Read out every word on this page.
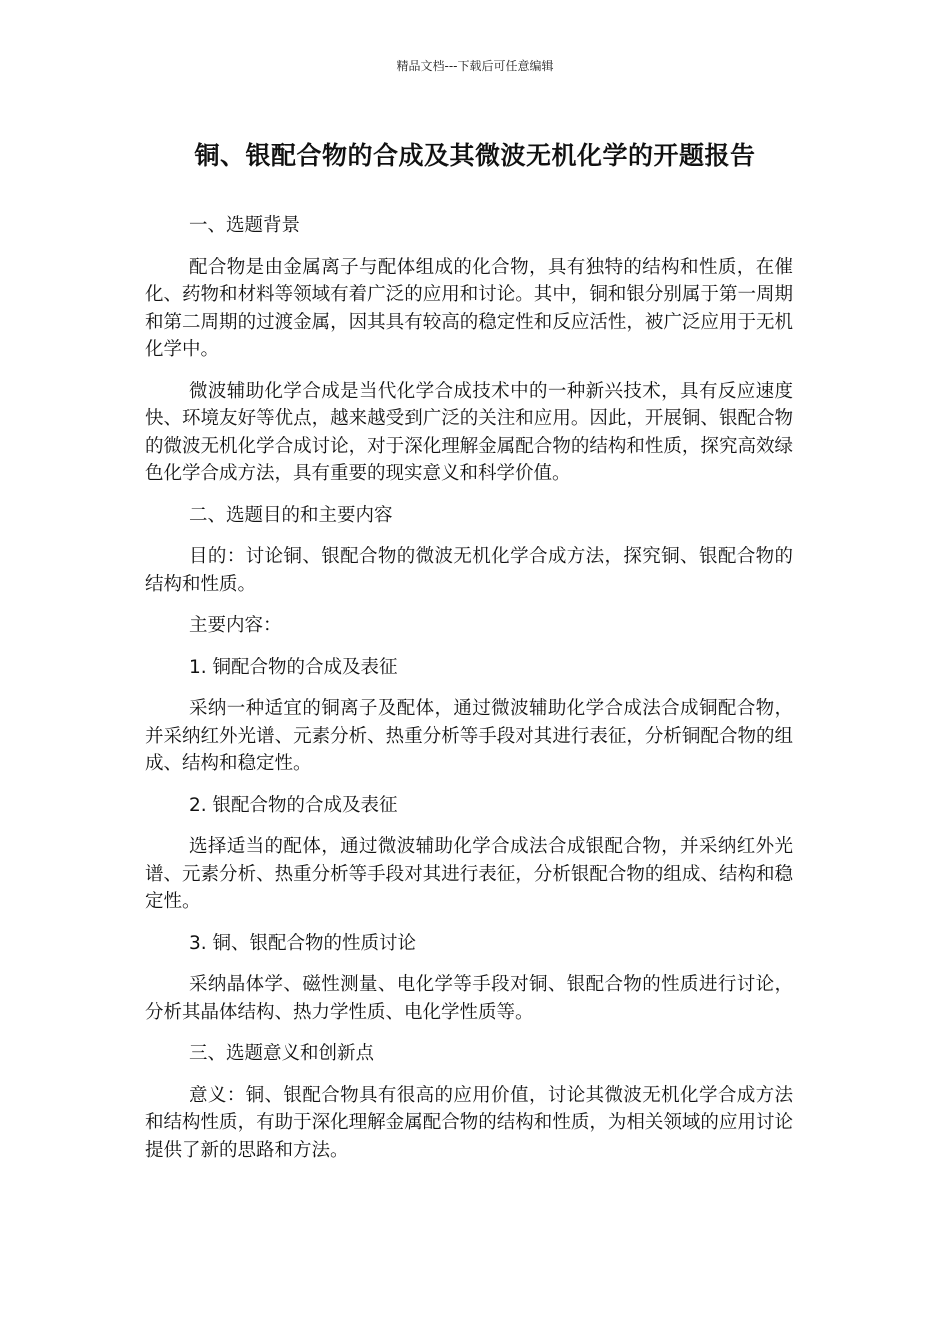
精品文档---下载后可任意编辑
铜、银配合物的合成及其微波无机化学的开题报告

一、选题背景

配合物是由金属离子与配体组成的化合物，具有独特的结构和性质，在催化、药物和材料等领域有着广泛的应用和讨论。其中，铜和银分别属于第一周期和第二周期的过渡金属，因其具有较高的稳定性和反应活性，被广泛应用于无机化学中。

微波辅助化学合成是当代化学合成技术中的一种新兴技术，具有反应速度快、环境友好等优点，越来越受到广泛的关注和应用。因此，开展铜、银配合物的微波无机化学合成讨论，对于深化理解金属配合物的结构和性质，探究高效绿色化学合成方法，具有重要的现实意义和科学价值。

二、选题目的和主要内容

目的：讨论铜、银配合物的微波无机化学合成方法，探究铜、银配合物的结构和性质。

主要内容：

1. 铜配合物的合成及表征

采纳一种适宜的铜离子及配体，通过微波辅助化学合成法合成铜配合物，并采纳红外光谱、元素分析、热重分析等手段对其进行表征，分析铜配合物的组成、结构和稳定性。

2. 银配合物的合成及表征

选择适当的配体，通过微波辅助化学合成法合成银配合物，并采纳红外光谱、元素分析、热重分析等手段对其进行表征，分析银配合物的组成、结构和稳定性。

3. 铜、银配合物的性质讨论

采纳晶体学、磁性测量、电化学等手段对铜、银配合物的性质进行讨论，分析其晶体结构、热力学性质、电化学性质等。

三、选题意义和创新点

意义：铜、银配合物具有很高的应用价值，讨论其微波无机化学合成方法和结构性质，有助于深化理解金属配合物的结构和性质，为相关领域的应用讨论提供了新的思路和方法。
